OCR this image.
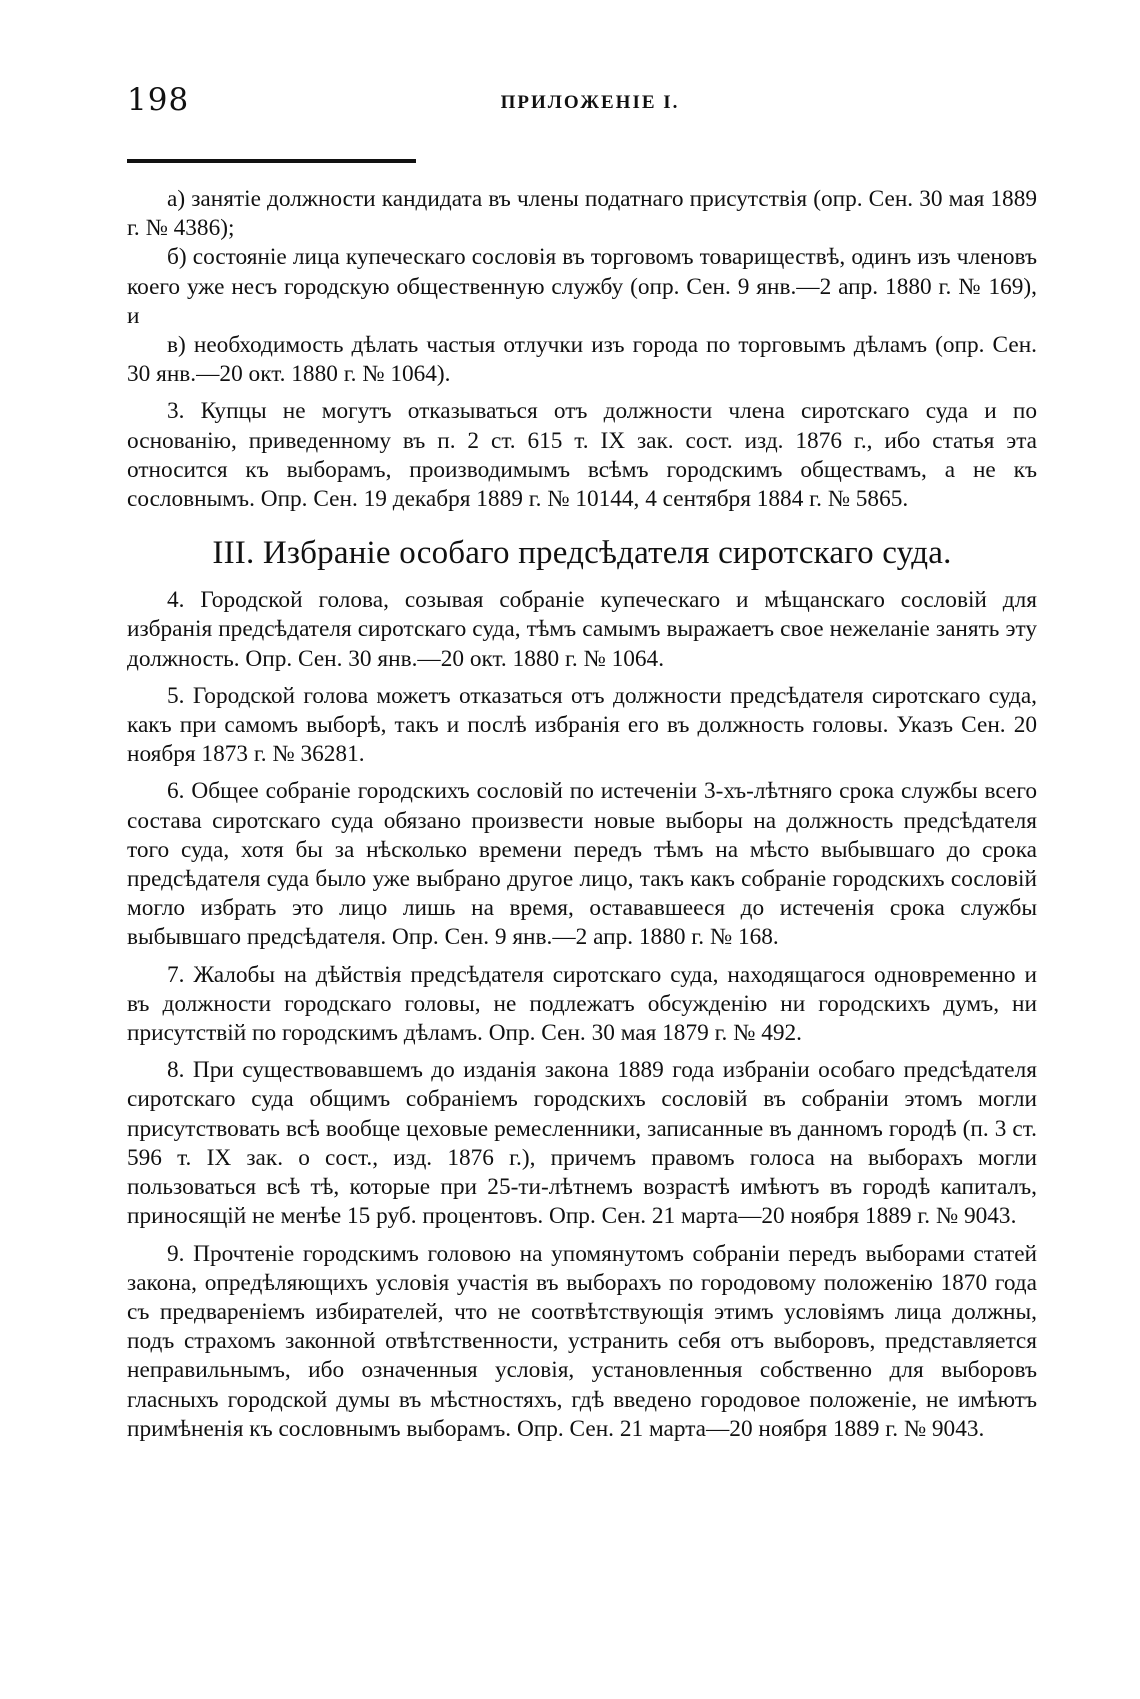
198	ПРИЛОЖЕНІЕ I.

а) занятіе должности кандидата въ члены податнаго присутствія (опр. Сен. 30 мая 1889 г. № 4386);

б) состояніе лица купеческаго сословія въ торговомъ товариществѣ, одинъ изъ членовъ коего уже несъ городскую общественную службу (опр. Сен. 9 янв.—2 апр. 1880 г. № 169), и

в) необходимость дѣлать частыя отлучки изъ города по торговымъ дѣламъ (опр. Сен. 30 янв.—20 окт. 1880 г. № 1064).

3. Купцы не могутъ отказываться отъ должности члена сиротскаго суда и по основанію, приведенному въ п. 2 ст. 615 т. IX зак. сост. изд. 1876 г., ибо статья эта относится къ выборамъ, производимымъ всѣмъ городскимъ обществамъ, а не къ сословнымъ. Опр. Сен. 19 декабря 1889 г. № 10144, 4 сентября 1884 г. № 5865.

III. Избраніе особаго предсѣдателя сиротскаго суда.

4. Городской голова, созывая собраніе купеческаго и мѣщанскаго сословій для избранія предсѣдателя сиротскаго суда, тѣмъ самымъ выражаетъ свое нежеланіе занять эту должность. Опр. Сен. 30 янв.—20 окт. 1880 г. № 1064.

5. Городской голова можетъ отказаться отъ должности предсѣдателя сиротскаго суда, какъ при самомъ выборѣ, такъ и послѣ избранія его въ должность головы. Указъ Сен. 20 ноября 1873 г. № 36281.

6. Общее собраніе городскихъ сословій по истеченіи 3-хъ-лѣтняго срока службы всего состава сиротскаго суда обязано произвести новые выборы на должность предсѣдателя того суда, хотя бы за нѣсколько времени передъ тѣмъ на мѣсто выбывшаго до срока предсѣдателя суда было уже выбрано другое лицо, такъ какъ собраніе городскихъ сословій могло избрать это лицо лишь на время, остававшееся до истеченія срока службы выбывшаго предсѣдателя. Опр. Сен. 9 янв.—2 апр. 1880 г. № 168.

7. Жалобы на дѣйствія предсѣдателя сиротскаго суда, находящагося одновременно и въ должности городскаго головы, не подлежатъ обсужденію ни городскихъ думъ, ни присутствій по городскимъ дѣламъ. Опр. Сен. 30 мая 1879 г. № 492.

8. При существовавшемъ до изданія закона 1889 года избраніи особаго предсѣдателя сиротскаго суда общимъ собраніемъ городскихъ сословій въ собраніи этомъ могли присутствовать всѣ вообще цеховые ремесленники, записанные въ данномъ городѣ (п. 3 ст. 596 т. IX зак. о сост., изд. 1876 г.), причемъ правомъ голоса на выборахъ могли пользоваться всѣ тѣ, которые при 25-ти-лѣтнемъ возрастѣ имѣютъ въ городѣ капиталъ, приносящій не менѣе 15 руб. процентовъ. Опр. Сен. 21 марта—20 ноября 1889 г. № 9043.

9. Прочтеніе городскимъ головою на упомянутомъ собраніи передъ выборами статей закона, опредѣляющихъ условія участія въ выборахъ по городовому положенію 1870 года съ предвареніемъ избирателей, что не соотвѣтствующія этимъ условіямъ лица должны, подъ страхомъ законной отвѣтственности, устранить себя отъ выборовъ, представляется неправильнымъ, ибо означенныя условія, установленныя собственно для выборовъ гласныхъ городской думы въ мѣстностяхъ, гдѣ введено городовое положеніе, не имѣютъ примѣненія къ сословнымъ выборамъ. Опр. Сен. 21 марта—20 ноября 1889 г. № 9043.
